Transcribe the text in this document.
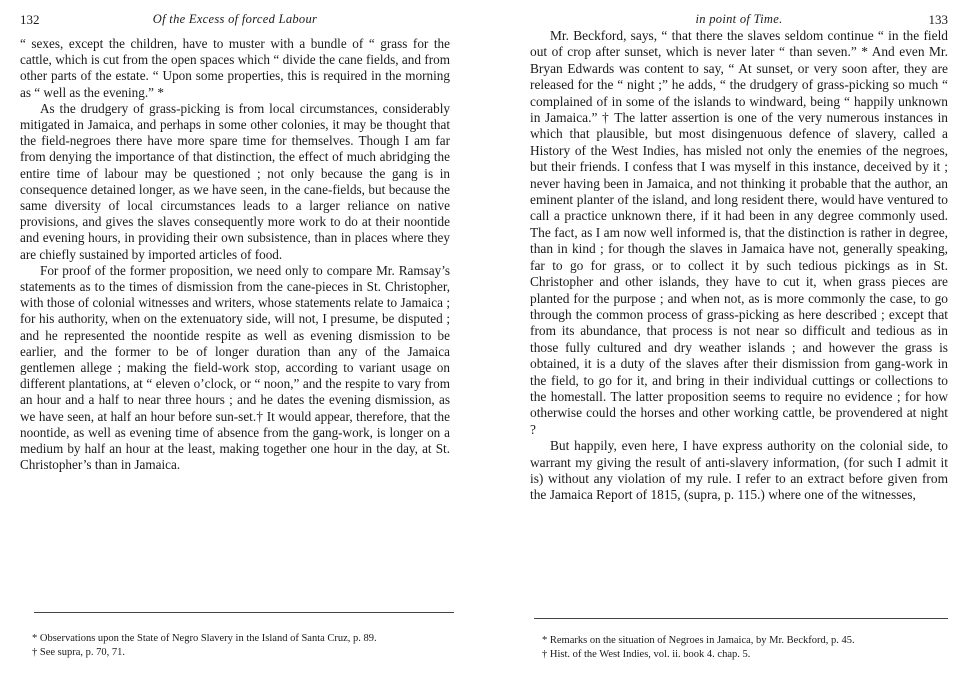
132	Of the Excess of forced Labour

“ sexes, except the children, have to muster with a bundle of “ grass for the cattle, which is cut from the open spaces which “ divide the cane fields, and from other parts of the estate. “ Upon some properties, this is required in the morning as “ well as the evening.” *

As the drudgery of grass-picking is from local circumstances, considerably mitigated in Jamaica, and perhaps in some other colonies, it may be thought that the field-negroes there have more spare time for themselves. Though I am far from denying the importance of that distinction, the effect of much abridging the entire time of labour may be questioned ; not only because the gang is in consequence detained longer, as we have seen, in the cane-fields, but because the same diversity of local circumstances leads to a larger reliance on native provisions, and gives the slaves consequently more work to do at their noontide and evening hours, in providing their own subsistence, than in places where they are chiefly sustained by imported articles of food.

For proof of the former proposition, we need only to compare Mr. Ramsay’s statements as to the times of dismission from the cane-pieces in St. Christopher, with those of colonial witnesses and writers, whose statements relate to Jamaica ; for his authority, when on the extenuatory side, will not, I presume, be disputed ; and he represented the noontide respite as well as evening dismission to be earlier, and the former to be of longer duration than any of the Jamaica gentlemen allege ; making the field-work stop, according to variant usage on different plantations, at “ eleven o’clock, or “ noon,” and the respite to vary from an hour and a half to near three hours ; and he dates the evening dismission, as we have seen, at half an hour before sun-set.† It would appear, therefore, that the noontide, as well as evening time of absence from the gang-work, is longer on a medium by half an hour at the least, making together one hour in the day, at St. Christopher’s than in Jamaica.

* Observations upon the State of Negro Slavery in the Island of Santa Cruz, p. 89.

† See supra, p. 70, 71.

in point of Time.	133

Mr. Beckford, says, “ that there the slaves seldom continue “ in the field out of crop after sunset, which is never later “ than seven.” * And even Mr. Bryan Edwards was content to say, “ At sunset, or very soon after, they are released for the “ night ;” he adds, “ the drudgery of grass-picking so much “ complained of in some of the islands to windward, being “ happily unknown in Jamaica.” † The latter assertion is one of the very numerous instances in which that plausible, but most disingenuous defence of slavery, called a History of the West Indies, has misled not only the enemies of the negroes, but their friends. I confess that I was myself in this instance, deceived by it ; never having been in Jamaica, and not thinking it probable that the author, an eminent planter of the island, and long resident there, would have ventured to call a practice unknown there, if it had been in any degree commonly used. The fact, as I am now well informed is, that the distinction is rather in degree, than in kind ; for though the slaves in Jamaica have not, generally speaking, far to go for grass, or to collect it by such tedious pickings as in St. Christopher and other islands, they have to cut it, when grass pieces are planted for the purpose ; and when not, as is more commonly the case, to go through the common process of grass-picking as here described ; except that from its abundance, that process is not near so difficult and tedious as in those fully cultured and dry weather islands ; and however the grass is obtained, it is a duty of the slaves after their dismission from gang-work in the field, to go for it, and bring in their individual cuttings or collections to the homestall. The latter proposition seems to require no evidence ; for how otherwise could the horses and other working cattle, be provendered at night ?

But happily, even here, I have express authority on the colonial side, to warrant my giving the result of anti-slavery information, (for such I admit it is) without any violation of my rule. I refer to an extract before given from the Jamaica Report of 1815, (supra, p. 115.) where one of the witnesses,

* Remarks on the situation of Negroes in Jamaica, by Mr. Beckford, p. 45.

† Hist. of the West Indies, vol. ii. book 4. chap. 5.
